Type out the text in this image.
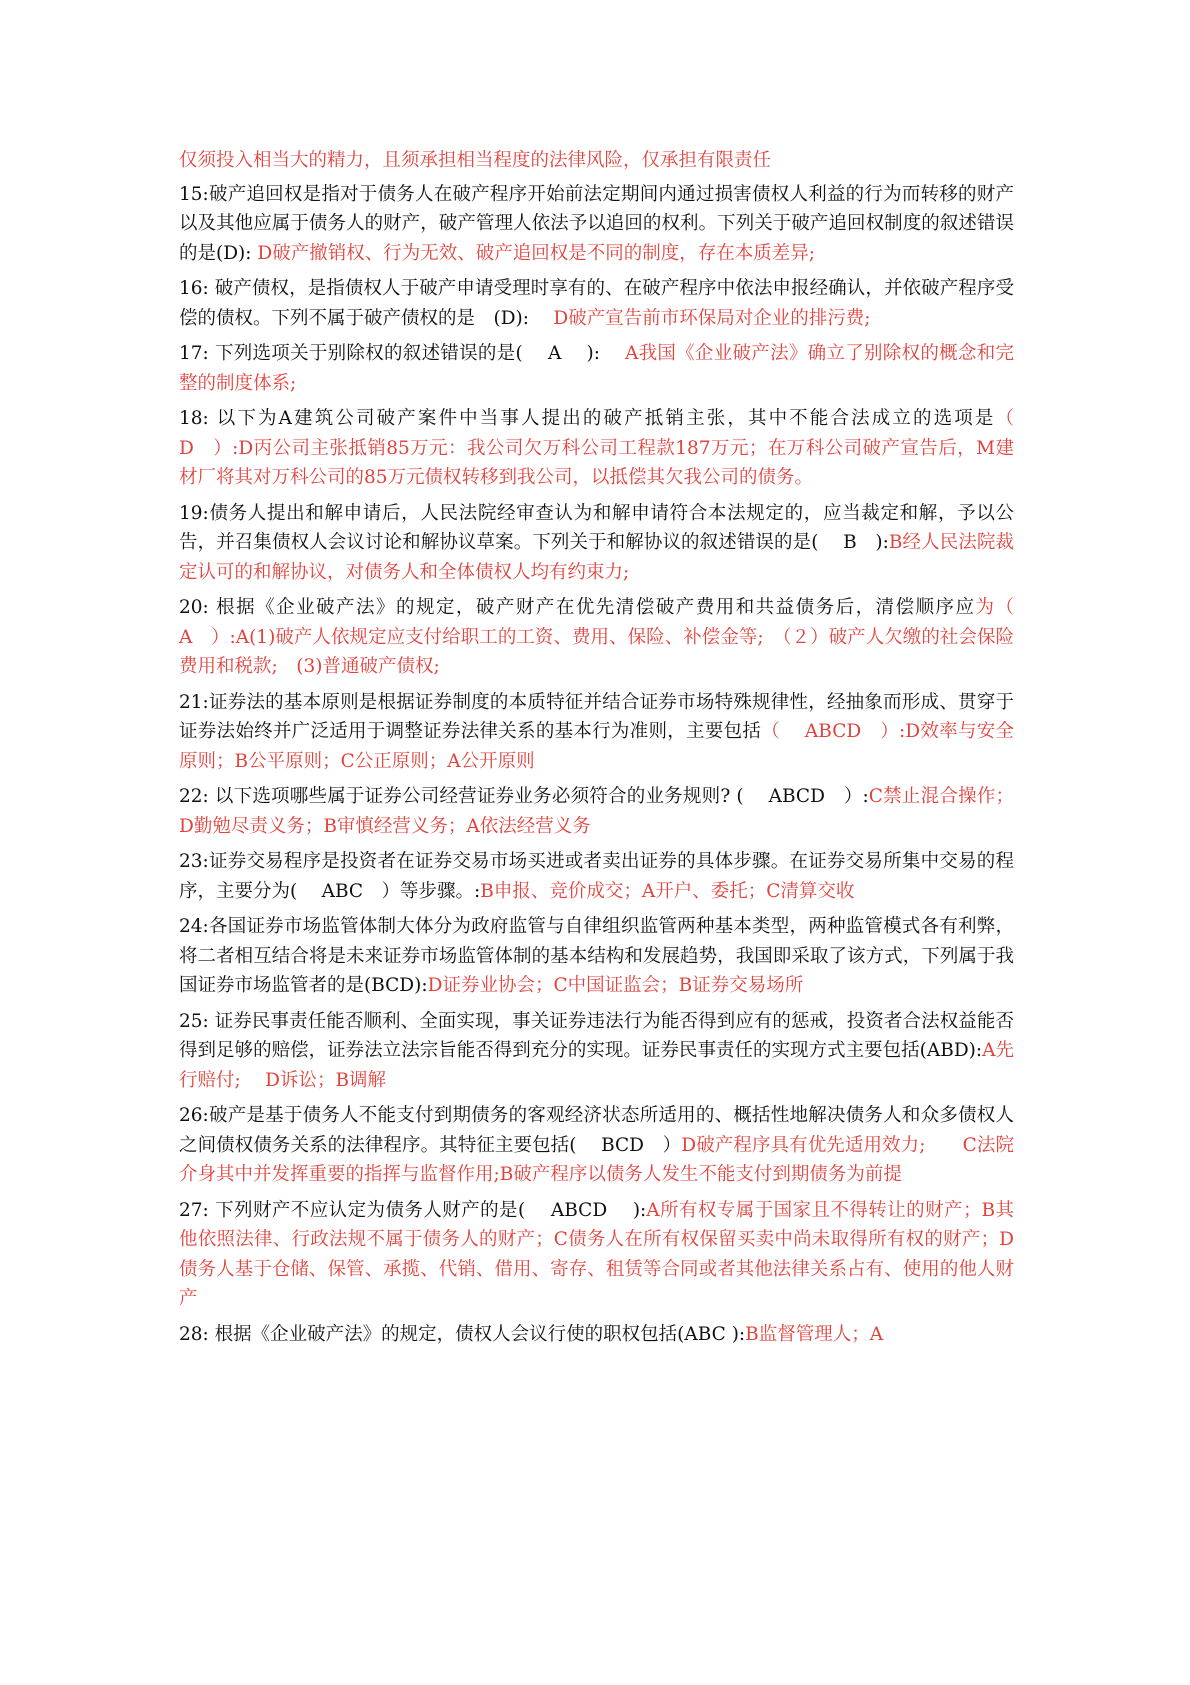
仅须投入相当大的精力，且须承担相当程度的法律风险，仅承担有限责任

15:破产追回权是指对于债务人在破产程序开始前法定期间内通过损害债权人利益的行为而转移的财产以及其他应属于债务人的财产，破产管理人依法予以追回的权利。下列关于破产追回权制度的叙述错误的是(D): D破产撤销权、行为无效、破产追回权是不同的制度，存在本质差异;

16: 破产债权，是指债权人于破产申请受理时享有的、在破产程序中依法申报经确认，并依破产程序受偿的债权。下列不属于破产债权的是　(D): 　D破产宣告前市环保局对企业的排污费;

17: 下列选项关于别除权的叙述错误的是(　 A　 ): 　A我国《企业破产法》确立了别除权的概念和完整的制度体系;

18: 以下为A建筑公司破产案件中当事人提出的破产抵销主张，其中不能合法成立的选项是（　 D　）:D丙公司主张抵销85万元：我公司欠万科公司工程款187万元；在万科公司破产宣告后，M建材厂将其对万科公司的85万元债权转移到我公司，以抵偿其欠我公司的债务。

19:债务人提出和解申请后，人民法院经审查认为和解申请符合本法规定的，应当裁定和解，予以公告，并召集债权人会议讨论和解协议草案。下列关于和解协议的叙述错误的是(　 B　):B经人民法院裁定认可的和解协议，对债务人和全体债权人均有约束力;

20: 根据《企业破产法》的规定，破产财产在优先清偿破产费用和共益债务后，清偿顺序应为（　A　）:A(1)破产人依规定应支付给职工的工资、费用、保险、补偿金等;　（２）破产人欠缴的社会保险费用和税款;　(3)普通破产债权;

21:证券法的基本原则是根据证券制度的本质特征并结合证券市场特殊规律性，经抽象而形成、贯穿于证券法始终并广泛适用于调整证券法律关系的基本行为准则，主要包括（　 ABCD　）:D效率与安全原则；B公平原则；C公正原则；A公开原则

22: 以下选项哪些属于证券公司经营证券业务必须符合的业务规则? (　 ABCD　）:C禁止混合操作；D勤勉尽责义务；B审慎经营义务；A依法经营义务

23:证券交易程序是投资者在证券交易市场买进或者卖出证券的具体步骤。在证券交易所集中交易的程序，主要分为(　 ABC　）等步骤。:B申报、竞价成交；A开户、委托；C清算交收

24:各国证券市场监管体制大体分为政府监管与自律组织监管两种基本类型，两种监管模式各有利弊，将二者相互结合将是未来证券市场监管体制的基本结构和发展趋势，我国即采取了该方式，下列属于我国证券市场监管者的是(BCD):D证券业协会；C中国证监会；B证券交易场所

25: 证券民事责任能否顺利、全面实现，事关证券违法行为能否得到应有的惩戒，投资者合法权益能否得到足够的赔偿，证券法立法宗旨能否得到充分的实现。证券民事责任的实现方式主要包括(ABD):A先行赔付;　 D诉讼；B调解

26:破产是基于债务人不能支付到期债务的客观经济状态所适用的、概括性地解决债务人和众多债权人之间债权债务关系的法律程序。其特征主要包括(　 BCD　）D破产程序具有优先适用效力;　　C法院介身其中并发挥重要的指挥与监督作用;B破产程序以债务人发生不能支付到期债务为前提

27: 下列财产不应认定为债务人财产的是(　 ABCD　 ):A所有权专属于国家且不得转让的财产；B其他依照法律、行政法规不属于债务人的财产；C债务人在所有权保留买卖中尚未取得所有权的财产；D债务人基于仓储、保管、承揽、代销、借用、寄存、租赁等合同或者其他法律关系占有、使用的他人财产

28: 根据《企业破产法》的规定，债权人会议行使的职权包括(ABC ):B监督管理人；A
